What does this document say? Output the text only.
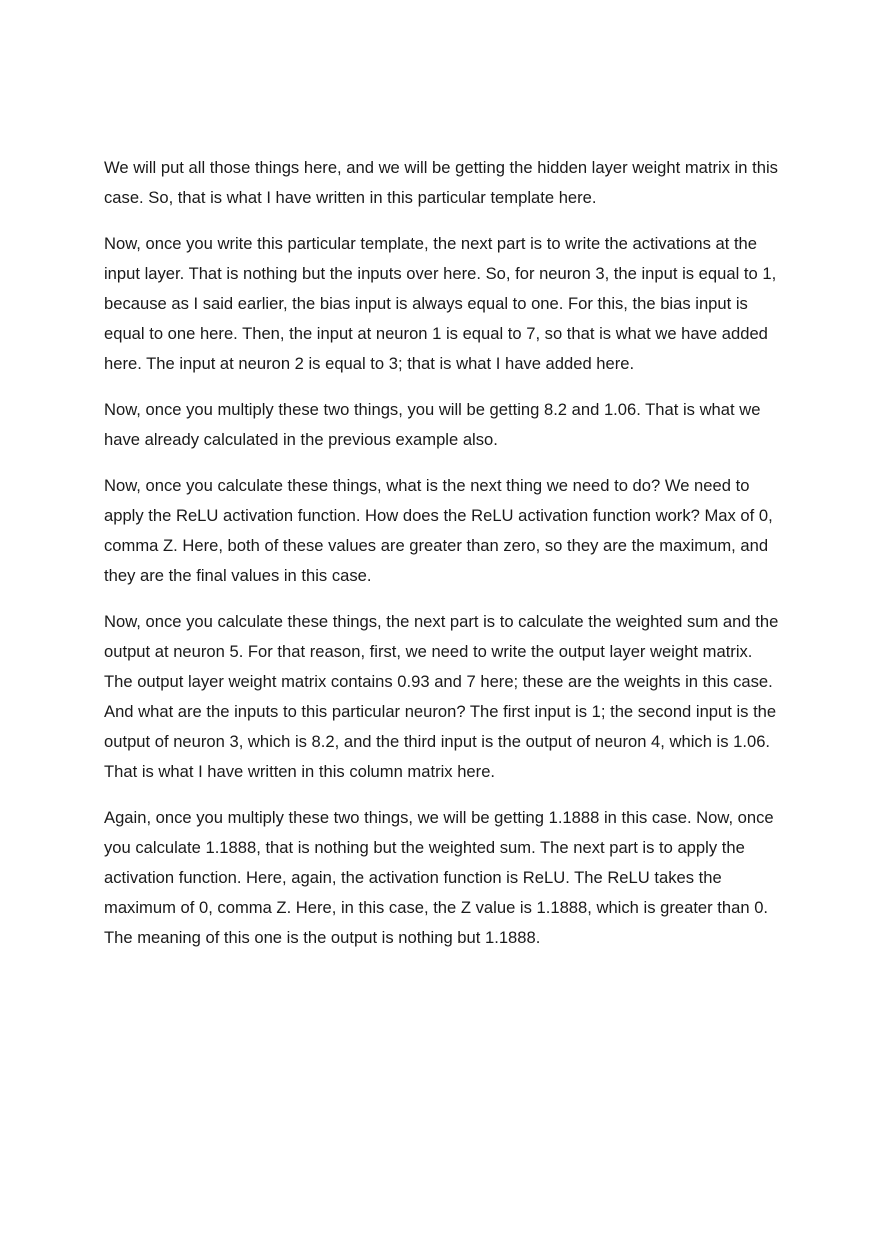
We will put all those things here, and we will be getting the hidden layer weight matrix in this case. So, that is what I have written in this particular template here.

Now, once you write this particular template, the next part is to write the activations at the input layer. That is nothing but the inputs over here. So, for neuron 3, the input is equal to 1, because as I said earlier, the bias input is always equal to one. For this, the bias input is equal to one here. Then, the input at neuron 1 is equal to 7, so that is what we have added here. The input at neuron 2 is equal to 3; that is what I have added here.

Now, once you multiply these two things, you will be getting 8.2 and 1.06. That is what we have already calculated in the previous example also.

Now, once you calculate these things, what is the next thing we need to do? We need to apply the ReLU activation function. How does the ReLU activation function work? Max of 0, comma Z. Here, both of these values are greater than zero, so they are the maximum, and they are the final values in this case.

Now, once you calculate these things, the next part is to calculate the weighted sum and the output at neuron 5. For that reason, first, we need to write the output layer weight matrix. The output layer weight matrix contains 0.93 and 7 here; these are the weights in this case. And what are the inputs to this particular neuron? The first input is 1; the second input is the output of neuron 3, which is 8.2, and the third input is the output of neuron 4, which is 1.06. That is what I have written in this column matrix here.

Again, once you multiply these two things, we will be getting 1.1888 in this case. Now, once you calculate 1.1888, that is nothing but the weighted sum. The next part is to apply the activation function. Here, again, the activation function is ReLU. The ReLU takes the maximum of 0, comma Z. Here, in this case, the Z value is 1.1888, which is greater than 0. The meaning of this one is the output is nothing but 1.1888.
